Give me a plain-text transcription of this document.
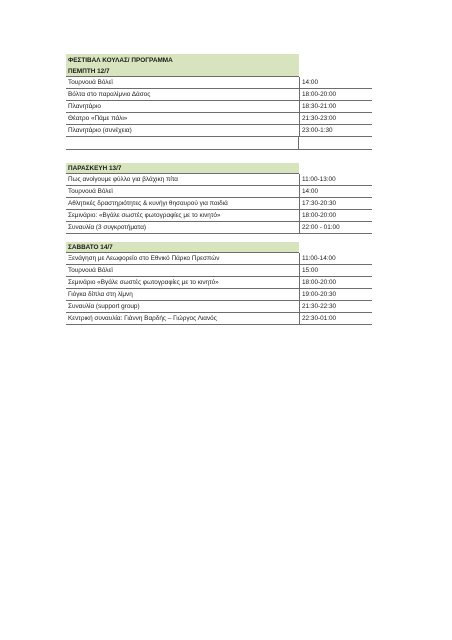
ΦΕΣΤΙΒΑΛ ΚΟΥΛΑΣ/ ΠΡΟΓΡΑΜΜΑ
ΠΕΜΠΤΗ 12/7
Τουρνουά Βόλεϊ	14:00
Βόλτα στο παραλίμνιο Δάσος	18:00-20:00
Πλανητάριο	18:30-21:00
Θέατρο «Πάμε πάλι»	21:30-23:00
Πλανητάριο (συνέχεια)	23:00-1:30
ΠΑΡΑΣΚΕΥΗ 13/7
Πως ανοίγουμε φύλλο για βλάχικη πίτα	11:00-13:00
Τουρνουά Βόλεϊ	14:00
Αθλητικές δραστηριότητες & κυνήγι θησαυρού για παιδιά	17:30-20:30
Σεμινάριο: «Βγάλε σωστές φωτογραφίες με το κινητό»	18:00-20:00
Συναυλία (3 συγκροτήματα)	22:00 - 01:00
ΣΑΒΒΑΤΟ 14/7
Ξενάγηση με Λεωφορείο στο Εθνικό Πάρκο Πρεσπών	11:00-14:00
Τουρνουά Βόλεϊ	15:00
Σεμινάριο «Βγάλε σωστές φωτογραφίες με το κινητό»	18:00-20:00
Γιόγκα δίπλα στη λίμνη	19:00-20:30
Συναυλία (support group)	21:30-22:30
Κεντρική συναυλία: Γιάννη Βαρδής – Γιώργος Λιανός	22:30-01:00
